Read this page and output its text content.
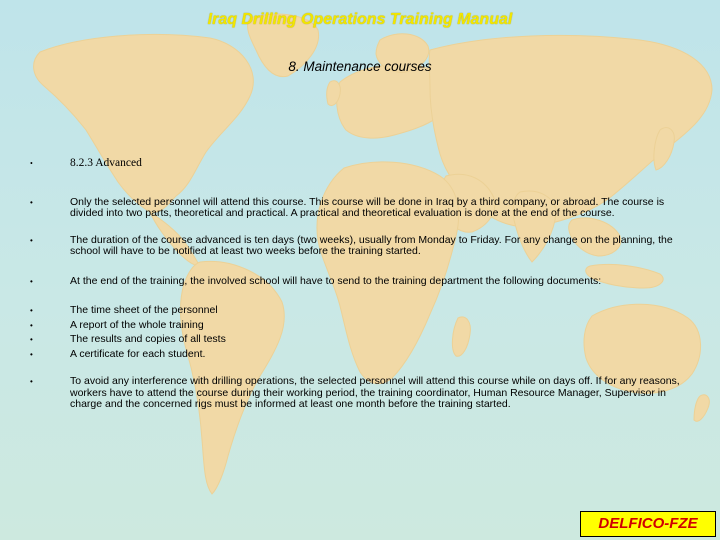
Iraq Drilling Operations Training Manual
8. Maintenance courses
•	8.2.3 Advanced
•	Only the selected personnel will attend this course. This course will be done in Iraq by a third company, or abroad. The course is divided into two parts, theoretical and practical. A practical and theoretical evaluation is done at the end of the course.
•	The duration of the course advanced is ten days (two weeks), usually from Monday to Friday. For any change on the planning, the school will have to be notified at least two weeks before the training started.
•	At the end of the training, the involved school will have to send to the training department the following documents:
•	The time sheet of the personnel
•	A report of the whole training
•	The results and copies of all tests
•	A certificate for each student.
•	To avoid any interference with drilling operations, the selected personnel will attend this course while on days off. If for any reasons, workers have to attend the course during their working period, the training coordinator, Human Resource Manager, Supervisor in charge and the concerned rigs must be informed at least one month before the training started.
DELFICO-FZE
